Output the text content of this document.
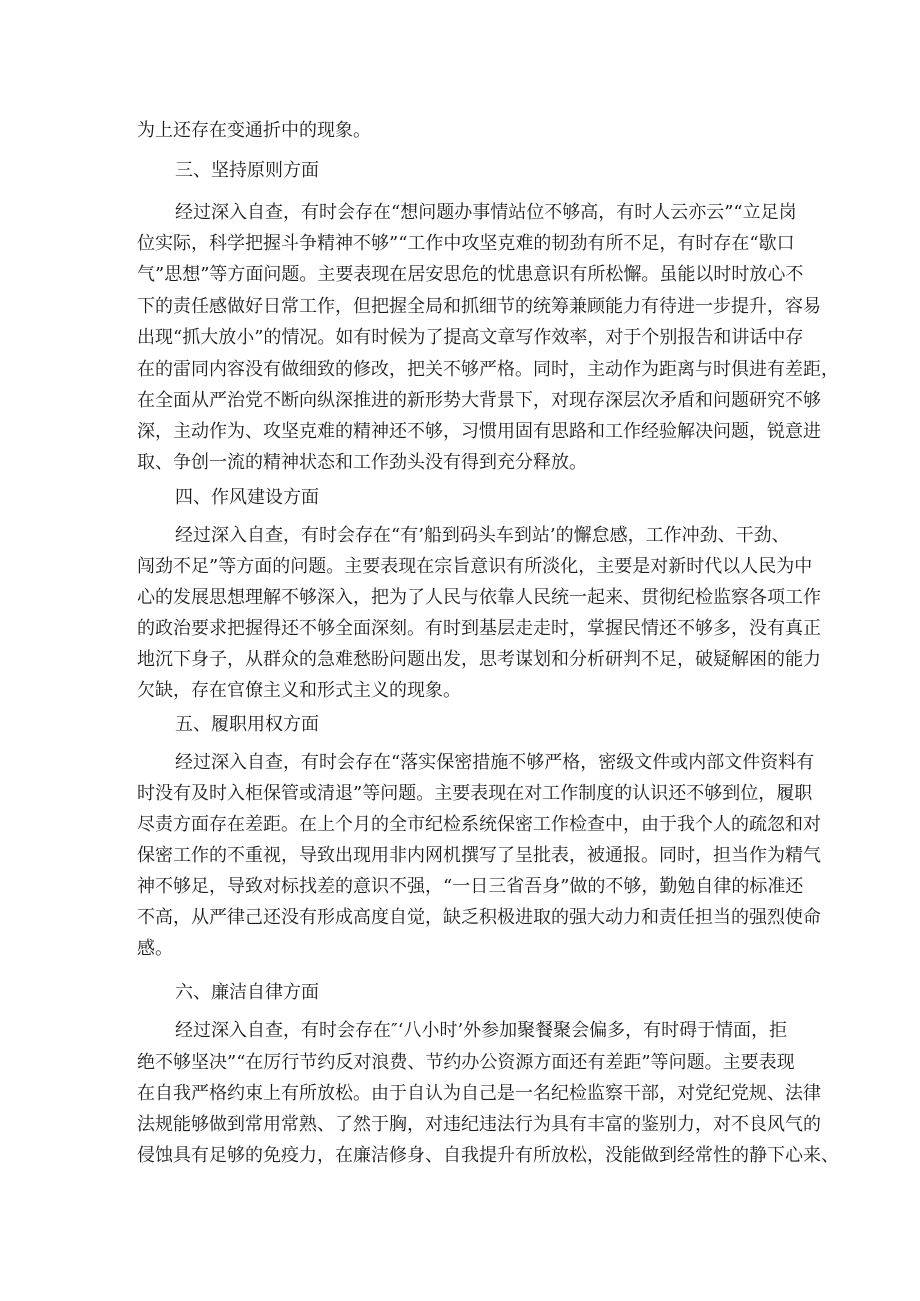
为上还存在变通折中的现象。
三、坚持原则方面
经过深入自查，有时会存在“想问题办事情站位不够高，有时人云亦云”“立足岗
位实际，科学把握斗争精神不够”“工作中攻坚克难的韧劲有所不足，有时存在“歇口
气”思想”等方面问题。主要表现在居安思危的忧患意识有所松懈。虽能以时时放心不
下的责任感做好日常工作，但把握全局和抓细节的统筹兼顾能力有待进一步提升，容易
出现“抓大放小”的情况。如有时候为了提高文章写作效率，对于个别报告和讲话中存
在的雷同内容没有做细致的修改，把关不够严格。同时，主动作为距离与时俱进有差距，
在全面从严治党不断向纵深推进的新形势大背景下，对现存深层次矛盾和问题研究不够
深，主动作为、攻坚克难的精神还不够，习惯用固有思路和工作经验解决问题，锐意进
取、争创一流的精神状态和工作劲头没有得到充分释放。
四、作风建设方面
经过深入自查，有时会存在“有’船到码头车到站’的懈怠感，工作冲劲、干劲、
闯劲不足”等方面的问题。主要表现在宗旨意识有所淡化，主要是对新时代以人民为中
心的发展思想理解不够深入，把为了人民与依靠人民统一起来、贯彻纪检监察各项工作
的政治要求把握得还不够全面深刻。有时到基层走走时，掌握民情还不够多，没有真正
地沉下身子，从群众的急难愁盼问题出发，思考谋划和分析研判不足，破疑解困的能力
欠缺，存在官僚主义和形式主义的现象。
五、履职用权方面
经过深入自查，有时会存在“落实保密措施不够严格，密级文件或内部文件资料有
时没有及时入柜保管或清退”等问题。主要表现在对工作制度的认识还不够到位，履职
尽责方面存在差距。在上个月的全市纪检系统保密工作检查中，由于我个人的疏忽和对
保密工作的不重视，导致出现用非内网机撰写了呈批表，被通报。同时，担当作为精气
神不够足，导致对标找差的意识不强，“一日三省吾身”做的不够，勤勉自律的标准还
不高，从严律己还没有形成高度自觉，缺乏积极进取的强大动力和责任担当的强烈使命
感。
六、廉洁自律方面
经过深入自查，有时会存在″‘八小时’外参加聚餐聚会偏多，有时碍于情面，拒
绝不够坚决”“在厉行节约反对浪费、节约办公资源方面还有差距”等问题。主要表现
在自我严格约束上有所放松。由于自认为自己是一名纪检监察干部，对党纪党规、法律
法规能够做到常用常熟、了然于胸，对违纪违法行为具有丰富的鉴别力，对不良风气的
侵蚀具有足够的免疫力，在廉洁修身、自我提升有所放松，没能做到经常性的静下心来、
